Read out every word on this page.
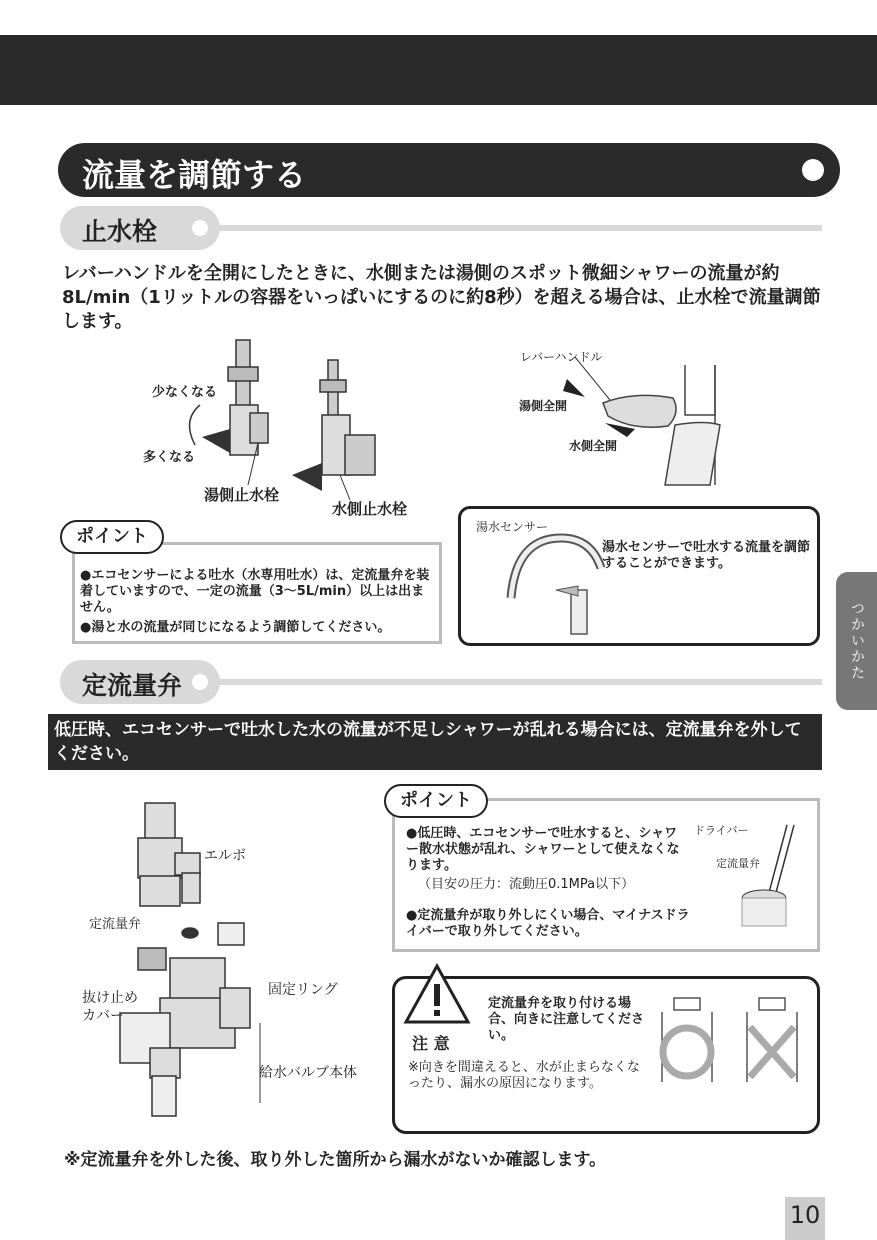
流量を調節する
止水栓
レバーハンドルを全開にしたときに、水側または湯側のスポット微細シャワーの流量が約8L/min（1リットルの容器をいっぱいにするのに約8秒）を超える場合は、止水栓で流量調節します。
少なくなる
多くなる
湯側止水栓
水側止水栓
レバーハンドル
湯側全開
水側全開
ポイント
●エコセンサーによる吐水（水専用吐水）は、定流量弁を装着していますので、一定の流量（3～5L/min）以上は出ません。
●湯と水の流量が同じになるよう調節してください。
湯水センサー
湯水センサーで吐水する流量を調節することができます。
定流量弁
低圧時、エコセンサーで吐水した水の流量が不足しシャワーが乱れる場合には、定流量弁を外してください。
エルボ
定流量弁
固定リング
抜け止め
カバー
給水バルブ本体
ポイント
●低圧時、エコセンサーで吐水すると、シャワー散水状態が乱れ、シャワーとして使えなくなります。
（目安の圧力：流動圧0.1MPa以下）
●定流量弁が取り外しにくい場合、マイナスドライバーで取り外してください。
ドライバー
定流量弁
注 意
定流量弁を取り付ける場合、向きに注意してください。
※向きを間違えると、水が止まらなくなったり、漏水の原因になります。
※定流量弁を外した後、取り外した箇所から漏水がないか確認します。
つかいかた
10
